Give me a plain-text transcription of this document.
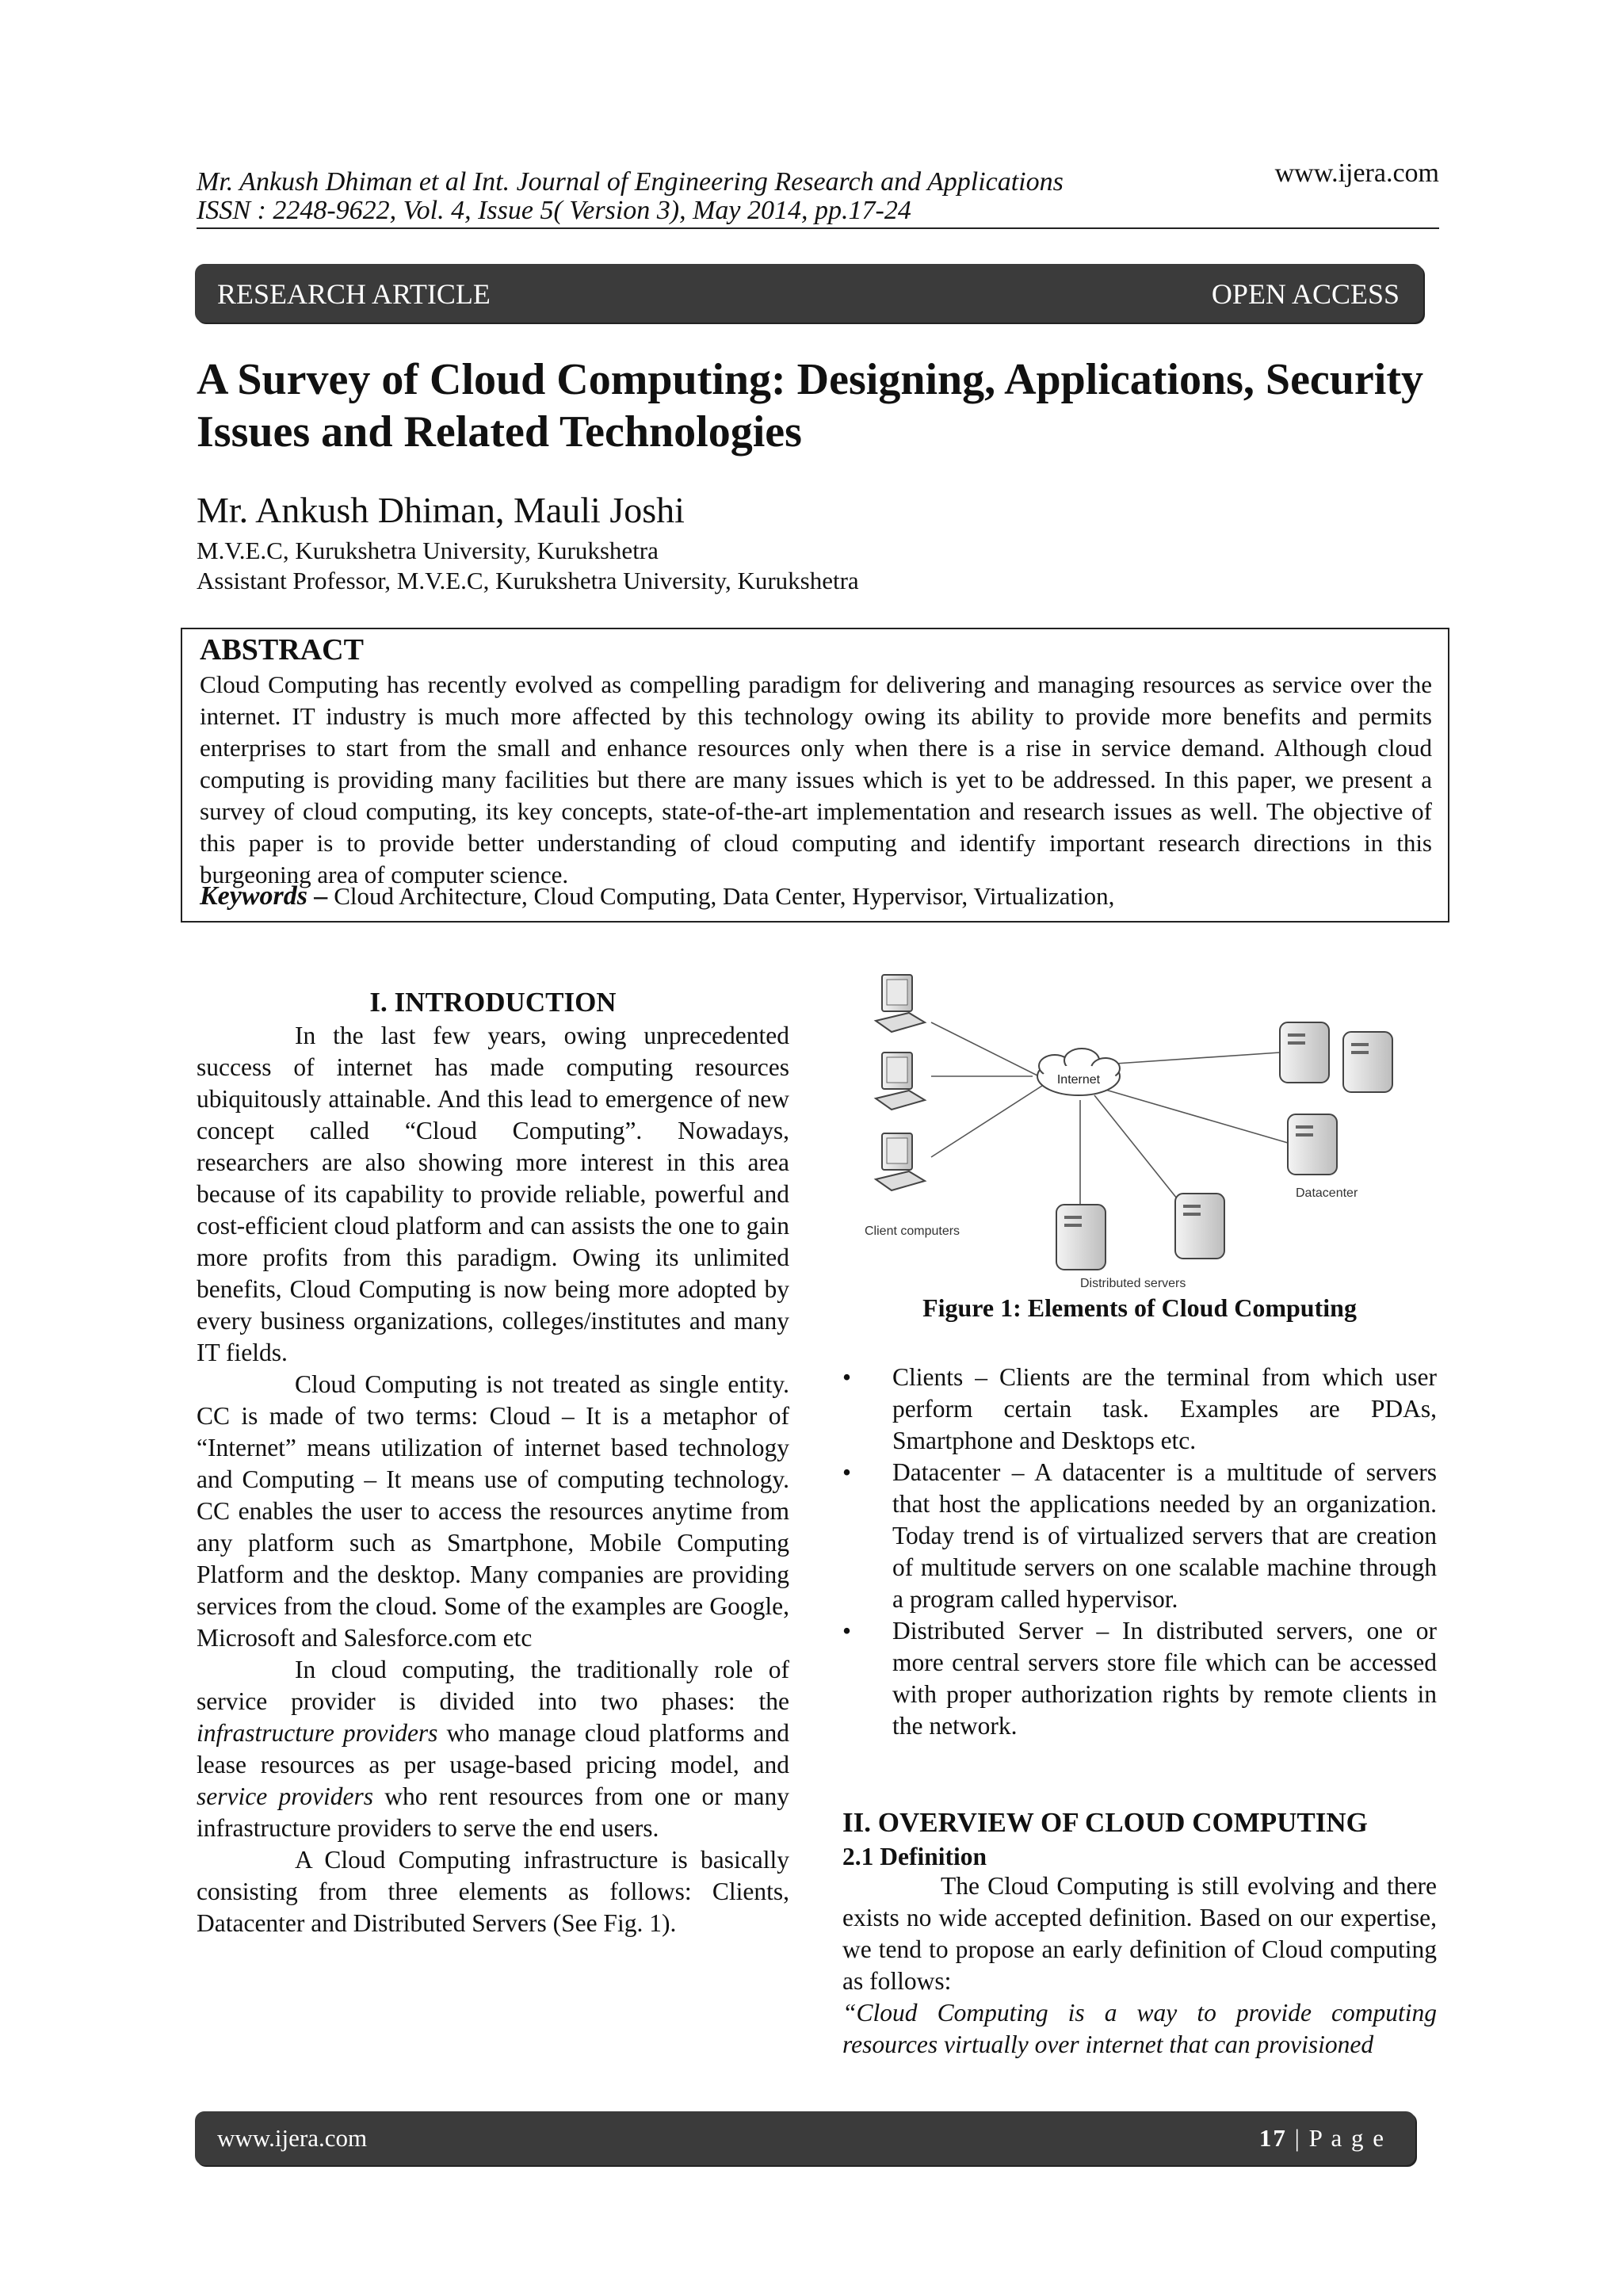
Mr. Ankush Dhiman et al Int. Journal of Engineering Research and Applications
ISSN : 2248-9622, Vol. 4, Issue 5( Version 3), May 2014, pp.17-24
www.ijera.com
RESEARCH ARTICLE	OPEN ACCESS
A Survey of Cloud Computing: Designing, Applications, Security Issues and Related Technologies
Mr. Ankush Dhiman, Mauli Joshi
M.V.E.C, Kurukshetra University, Kurukshetra
Assistant Professor, M.V.E.C, Kurukshetra University, Kurukshetra
ABSTRACT

Cloud Computing has recently evolved as compelling paradigm for delivering and managing resources as service over the internet. IT industry is much more affected by this technology owing its ability to provide more benefits and permits enterprises to start from the small and enhance resources only when there is a rise in service demand. Although cloud computing is providing many facilities but there are many issues which is yet to be addressed. In this paper, we present a survey of cloud computing, its key concepts, state-of-the-art implementation and research issues as well. The objective of this paper is to provide better understanding of cloud computing and identify important research directions in this burgeoning area of computer science.

Keywords – Cloud Architecture, Cloud Computing, Data Center, Hypervisor, Virtualization,
I. INTRODUCTION

In the last few years, owing unprecedented success of internet has made computing resources ubiquitously attainable. And this lead to emergence of new concept called “Cloud Computing”. Nowadays, researchers are also showing more interest in this area because of its capability to provide reliable, powerful and cost-efficient cloud platform and can assists the one to gain more profits from this paradigm. Owing its unlimited benefits, Cloud Computing is now being more adopted by every business organizations, colleges/institutes and many IT fields.

Cloud Computing is not treated as single entity. CC is made of two terms: Cloud – It is a metaphor of “Internet” means utilization of internet based technology and Computing – It means use of computing technology. CC enables the user to access the resources anytime from any platform such as Smartphone, Mobile Computing Platform and the desktop. Many companies are providing services from the cloud. Some of the examples are Google, Microsoft and Salesforce.com etc

In cloud computing, the traditionally role of service provider is divided into two phases: the infrastructure providers who manage cloud platforms and lease resources as per usage-based pricing model, and service providers who rent resources from one or many infrastructure providers to serve the end users.

A Cloud Computing infrastructure is basically consisting from three elements as follows: Clients, Datacenter and Distributed Servers (See Fig. 1).

Internet
Client computers
Datacenter
Distributed servers
Figure 1: Elements of Cloud Computing
• Clients – Clients are the terminal from which user perform certain task. Examples are PDAs, Smartphone and Desktops etc.
• Datacenter – A datacenter is a multitude of servers that host the applications needed by an organization. Today trend is of virtualized servers that are creation of multitude servers on one scalable machine through a program called hypervisor.
• Distributed Server – In distributed servers, one or more central servers store file which can be accessed with proper authorization rights by remote clients in the network.
II. OVERVIEW OF CLOUD COMPUTING
2.1 Definition

The Cloud Computing is still evolving and there exists no wide accepted definition. Based on our expertise, we tend to propose an early definition of Cloud computing as follows:

“Cloud Computing is a way to provide computing resources virtually over internet that can provisioned

www.ijera.com	17 | P a g e
